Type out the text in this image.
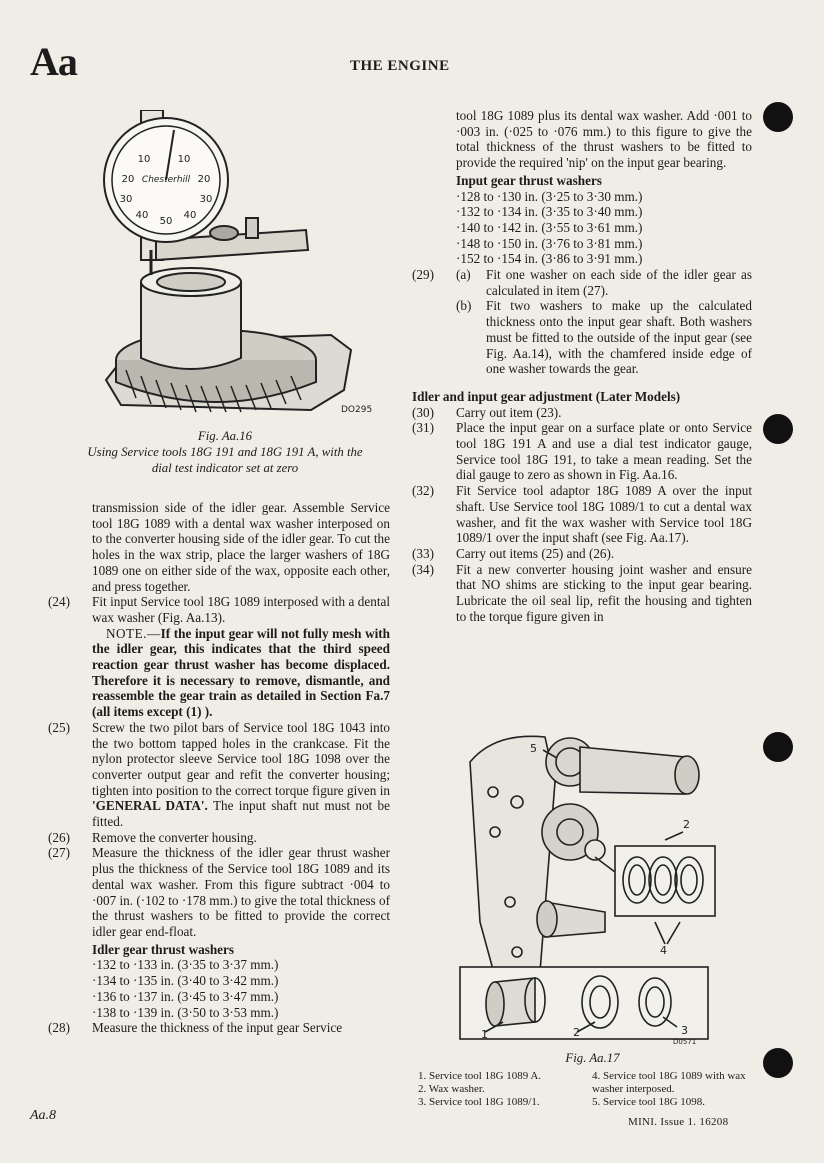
Aa	THE ENGINE
10	10
20	20
30	30
40
50
40
Chesterhill
DO295
Fig. Aa.16
Using Service tools 18G 191 and 18G 191 A, with the
dial test indicator set at zero

transmission side of the idler gear. Assemble Service tool 18G 1089 with a dental wax washer interposed on to the converter housing side of the idler gear. To cut the holes in the wax strip, place the larger washers of 18G 1089 one on either side of the wax, opposite each other, and press together.

(24) Fit input Service tool 18G 1089 interposed with a dental wax washer (Fig. Aa.13).

NOTE.—If the input gear will not fully mesh with the idler gear, this indicates that the third speed reaction gear thrust washer has become displaced. Therefore it is necessary to remove, dismantle, and reassemble the gear train as detailed in Section Fa.7 (all items except (1) ).

(25) Screw the two pilot bars of Service tool 18G 1043 into the two bottom tapped holes in the crankcase. Fit the nylon protector sleeve Service tool 18G 1098 over the converter output gear and refit the converter housing; tighten into position to the correct torque figure given in 'GENERAL DATA'. The input shaft nut must not be fitted.
(26) Remove the converter housing.
(27) Measure the thickness of the idler gear thrust washer plus the thickness of the Service tool 18G 1089 and its dental wax washer. From this figure subtract ·004 to ·007 in. (·102 to ·178 mm.) to give the total thickness of the thrust washers to be fitted to provide the correct idler gear end-float.
Idler gear thrust washers
·132 to ·133 in. (3·35 to 3·37 mm.)
·134 to ·135 in. (3·40 to 3·42 mm.)
·136 to ·137 in. (3·45 to 3·47 mm.)
·138 to ·139 in. (3·50 to 3·53 mm.)
(28) Measure the thickness of the input gear Service

tool 18G 1089 plus its dental wax washer. Add ·001 to ·003 in. (·025 to ·076 mm.) to this figure to give the total thickness of the thrust washers to be fitted to provide the required 'nip' on the input gear bearing.

Input gear thrust washers
·128 to ·130 in. (3·25 to 3·30 mm.)
·132 to ·134 in. (3·35 to 3·40 mm.)
·140 to ·142 in. (3·55 to 3·61 mm.)
·148 to ·150 in. (3·76 to 3·81 mm.)
·152 to ·154 in. (3·86 to 3·91 mm.)
(29) (a) Fit one washer on each side of the idler gear as calculated in item (27).
(b) Fit two washers to make up the calculated thickness onto the input gear shaft. Both washers must be fitted to the outside of the input gear (see Fig. Aa.14), with the chamfered inside edge of one washer towards the gear.
Idler and input gear adjustment (Later Models)
(30) Carry out item (23).
(31) Place the input gear on a surface plate or onto Service tool 18G 191 A and use a dial test indicator gauge, Service tool 18G 191, to take a mean reading. Set the dial gauge to zero as shown in Fig. Aa.16.
(32) Fit Service tool adaptor 18G 1089 A over the input shaft. Use Service tool 18G 1089/1 to cut a dental wax washer, and fit the wax washer with Service tool 18G 1089/1 over the input shaft (see Fig. Aa.17).
(33) Carry out items (25) and (26).
(34) Fit a new converter housing joint washer and ensure that NO shims are sticking to the input gear bearing. Lubricate the oil seal lip, refit the housing and tighten to the torque figure given in
1	2	3
4
5
2
D0571
Fig. Aa.17
1. Service tool 18G 1089 A.
2. Wax washer.
3. Service tool 18G 1089/1.
4. Service tool 18G 1089 with wax washer interposed.
5. Service tool 18G 1098.
Aa.8	MINI. Issue 1. 16208
